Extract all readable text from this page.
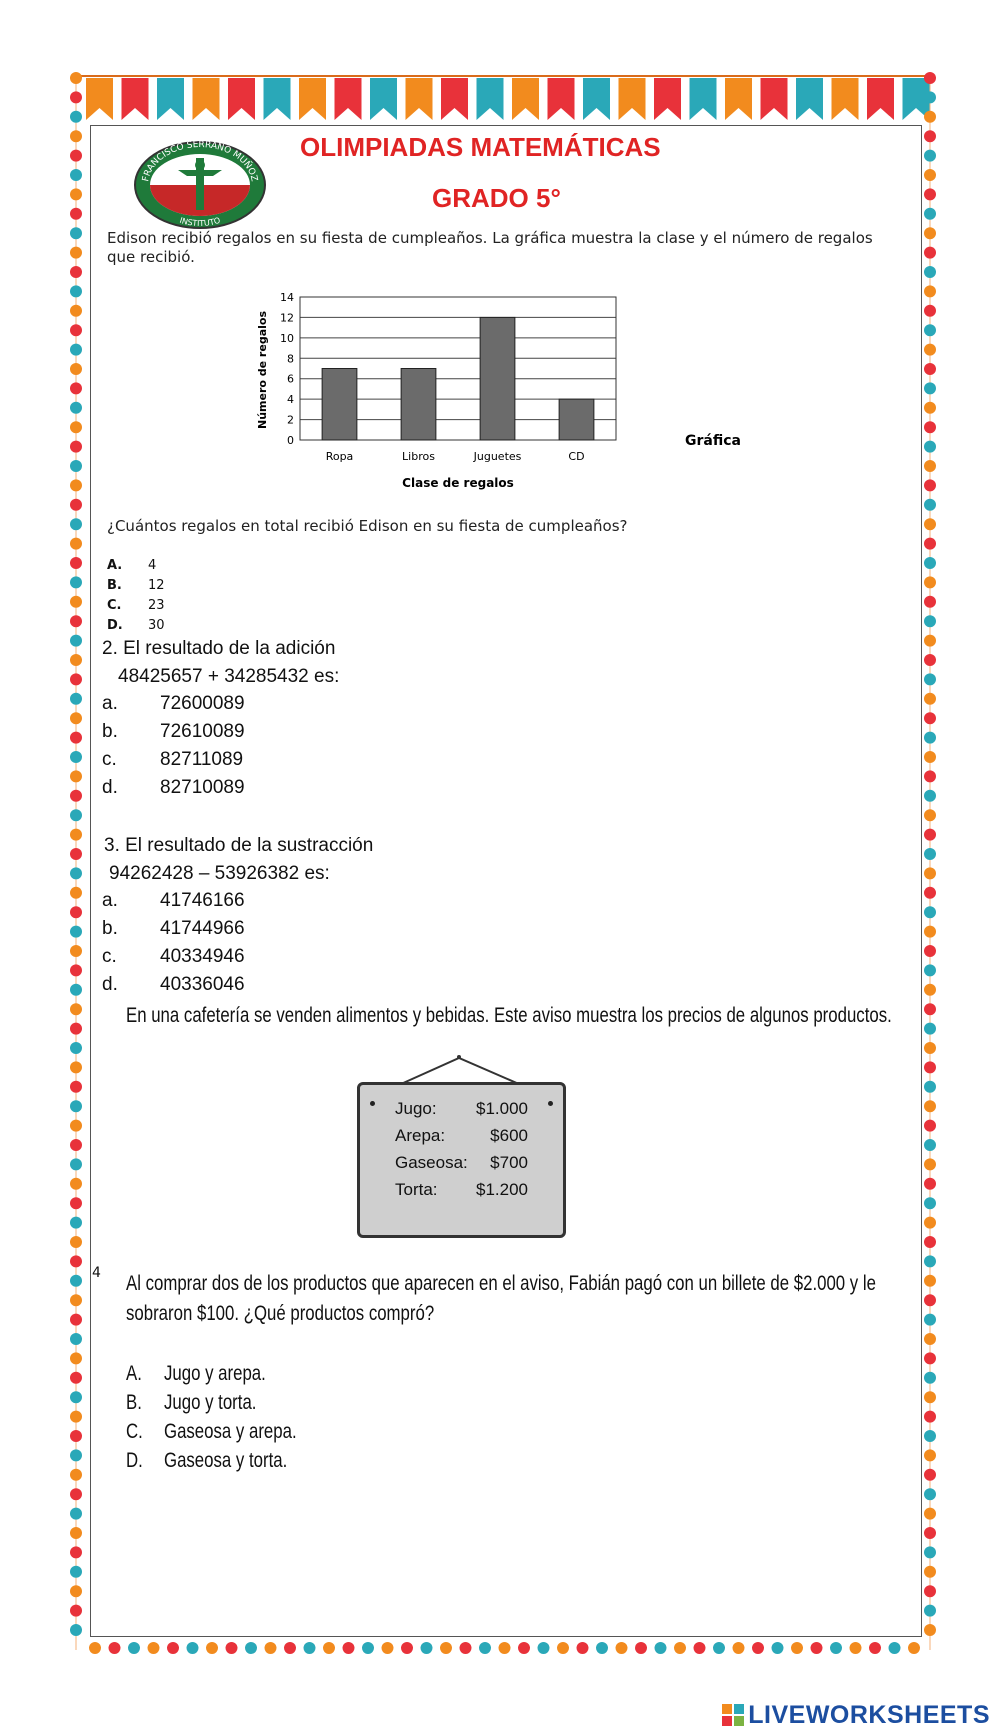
FRANCISCO SERRANO MUÑOZ
INSTITUTO
OLIMPIADAS MATEMÁTICAS
GRADO 5°
Edison recibió regalos en su fiesta de cumpleaños. La gráfica muestra la clase y el número de regalos
que recibió.
0
2
4
6
8
10
12
14
Ropa	Libros	Juguetes	CD
Número de regalos
Clase de regalos
Gráfica
¿Cuántos regalos en total recibió Edison en su fiesta de cumpleaños?
A. 4
B. 12
C. 23
D. 30
2. El resultado de la adición
48425657 + 34285432 es:
a. 72600089
b. 72610089
c. 82711089
d. 82710089
3. El resultado de la sustracción
94262428 – 53926382 es:
a. 41746166
b. 41744966
c. 40334946
d. 40336046
En una cafetería se venden alimentos y bebidas. Este aviso muestra los precios de algunos productos.
Jugo: $1.000
Arepa:	$600
Gaseosa: $700
Torta: $1.200
4 Al comprar dos de los productos que aparecen en el aviso, Fabián pagó con un billete de $2.000 y le
sobraron $100. ¿Qué productos compró?
A. Jugo y arepa.
B. Jugo y torta.
C. Gaseosa y arepa.
D. Gaseosa y torta.
LIVEWORKSHEETS
